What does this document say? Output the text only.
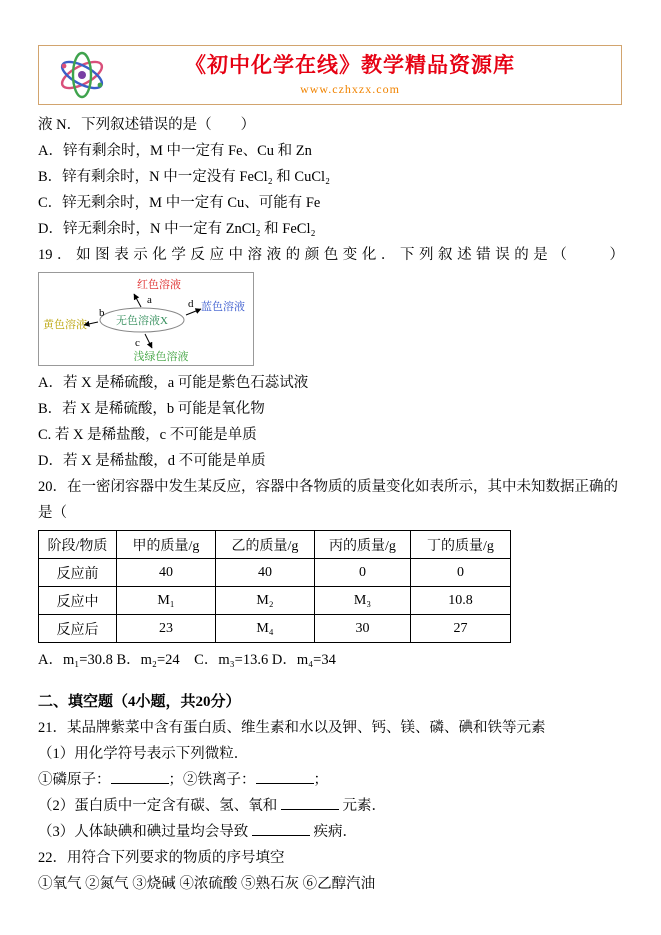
《初中化学在线》教学精品资源库
www.czhxzx.com

液 N．下列叙述错误的是（　　）

A．锌有剩余时，M 中一定有 Fe、Cu 和 Zn

B．锌有剩余时，N 中一定没有 FeCl₂ 和 CuCl₂

C．锌无剩余时，M 中一定有 Cu、可能有 Fe

D．锌无剩余时，N 中一定有 ZnCl₂ 和 FeCl₂

19．如图表示化学反应中溶液的颜色变化．下列叙述错误的是（　　）

红色溶液
黄色溶液
蓝色溶液
浅绿色溶液
无色溶液X
a
b
c
d

A．若 X 是稀硫酸，a 可能是紫色石蕊试液

B．若 X 是稀硫酸，b 可能是氧化物

C. 若 X 是稀盐酸，c 不可能是单质

D．若 X 是稀盐酸，d 不可能是单质

20．在一密闭容器中发生某反应，容器中各物质的质量变化如表所示，其中未知数据正确的是（

阶段/物质	甲的质量/g	乙的质量/g	丙的质量/g	丁的质量/g
反应前	40	40	0	0
反应中	M₁	M₂	M₃	10.8
反应后	23	M₄	30	27

A．m₁=30.8 B．m₂=24　C．m₃=13.6 D．m₄=34

二、填空题（4小题，共20分）

21．某品牌紫菜中含有蛋白质、维生素和水以及钾、钙、镁、磷、碘和铁等元素

（1）用化学符号表示下列微粒．

①磷原子：	；②铁离子：	；

（2）蛋白质中一定含有碳、氢、氧和	元素．

（3）人体缺碘和碘过量均会导致	疾病．

22．用符合下列要求的物质的序号填空

①氧气 ②氮气 ③烧碱 ④浓硫酸 ⑤熟石灰 ⑥乙醇汽油
